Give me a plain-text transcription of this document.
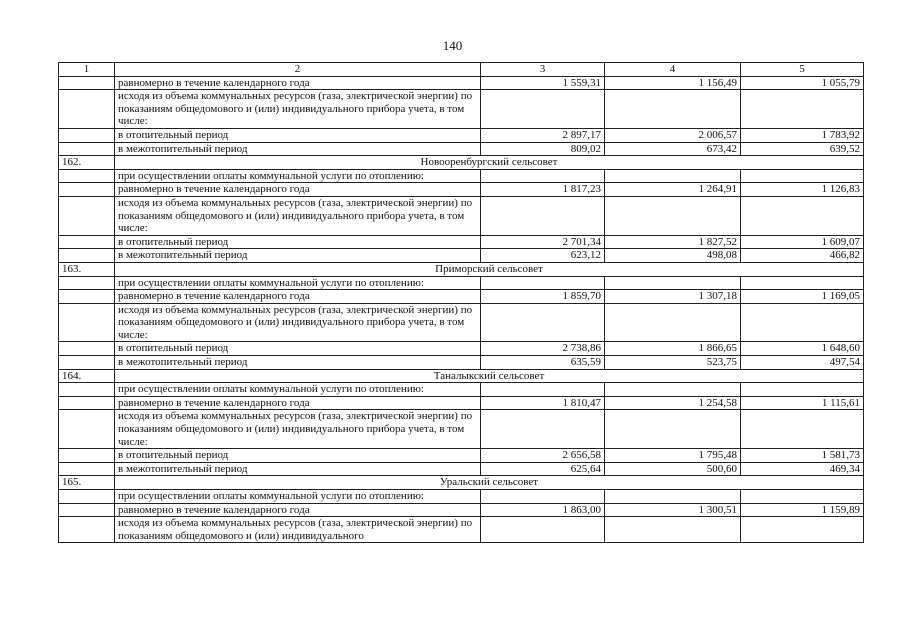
140
1	2	3	4	5
	равномерно в течение календарного года	1 559,31	1 156,49	1 055,79
	исходя из объема коммунальных ресурсов (газа, электрической энергии) по показаниям общедомового и (или) индивидуального прибора учета, в том числе:			
	в отопительный период	2 897,17	2 006,57	1 783,92
	в межотопительный период	809,02	673,42	639,52
162.	Новооренбургский сельсовет			
	при осуществлении оплаты коммунальной услуги по отоплению:			
	равномерно в течение календарного года	1 817,23	1 264,91	1 126,83
	исходя из объема коммунальных ресурсов (газа, электрической энергии) по показаниям общедомового и (или) индивидуального прибора учета, в том числе:			
	в отопительный период	2 701,34	1 827,52	1 609,07
	в межотопительный период	623,12	498,08	466,82
163.	Приморский сельсовет			
	при осуществлении оплаты коммунальной услуги по отоплению:			
	равномерно в течение календарного года	1 859,70	1 307,18	1 169,05
	исходя из объема коммунальных ресурсов (газа, электрической энергии) по показаниям общедомового и (или) индивидуального прибора учета, в том числе:			
	в отопительный период	2 738,86	1 866,65	1 648,60
	в межотопительный период	635,59	523,75	497,54
164.	Таналыкский сельсовет			
	при осуществлении оплаты коммунальной услуги по отоплению:			
	равномерно в течение календарного года	1 810,47	1 254,58	1 115,61
	исходя из объема коммунальных ресурсов (газа, электрической энергии) по показаниям общедомового и (или) индивидуального прибора учета, в том числе:			
	в отопительный период	2 656,58	1 795,48	1 581,73
	в межотопительный период	625,64	500,60	469,34
165.	Уральский сельсовет			
	при осуществлении оплаты коммунальной услуги по отоплению:			
	равномерно в течение календарного года	1 863,00	1 300,51	1 159,89
	исходя из объема коммунальных ресурсов (газа, электрической энергии) по показаниям общедомового и (или) индивидуального			
